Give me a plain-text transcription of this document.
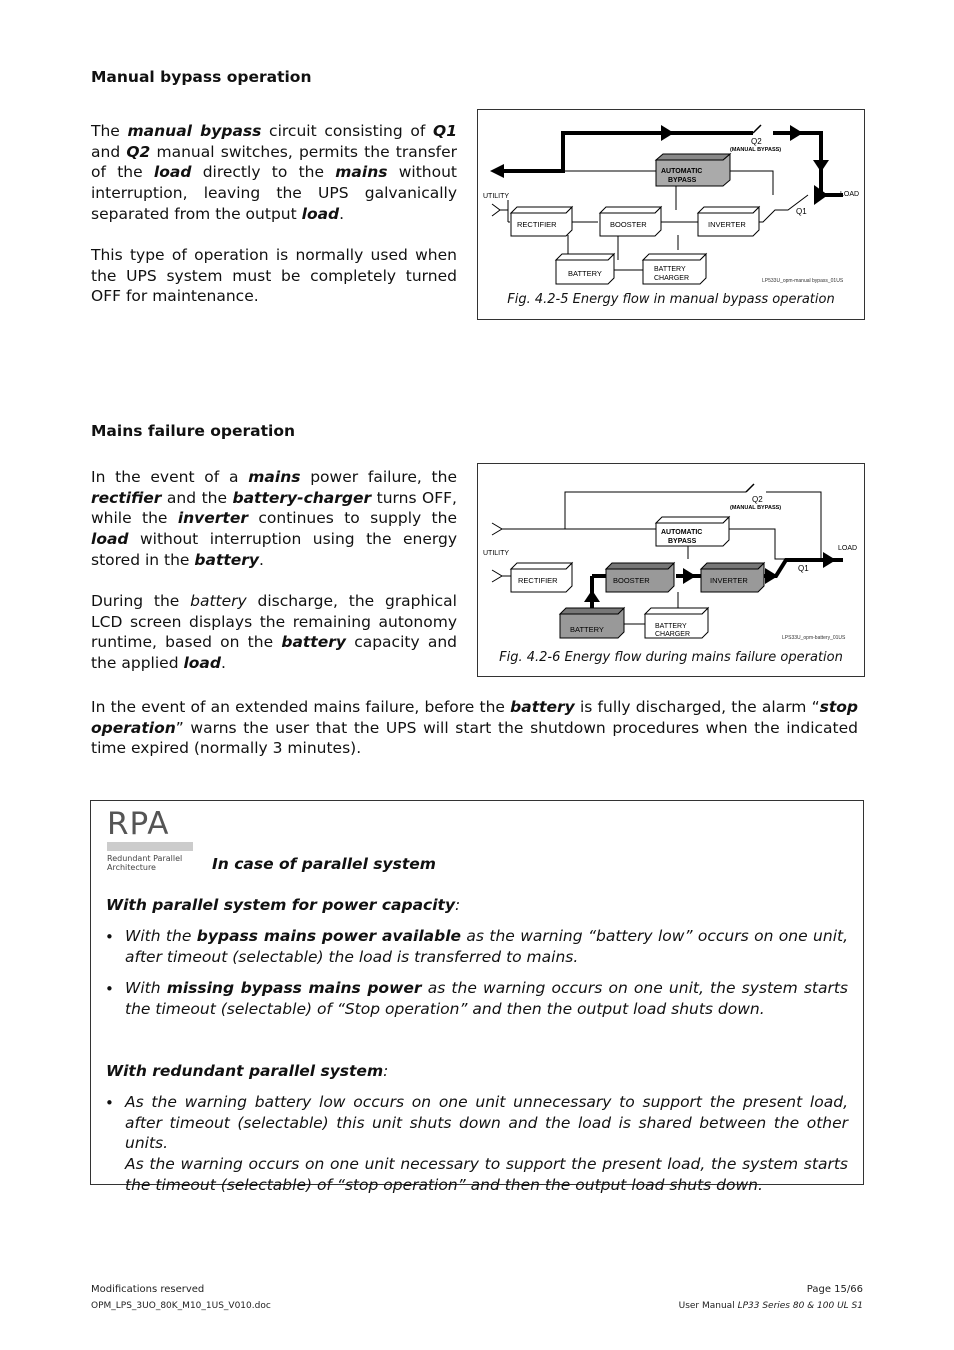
Manual bypass operation
The manual bypass circuit consisting of Q1 and Q2 manual switches, permits the transfer of the load directly to the mains without interruption, leaving the UPS galvanically separated from the output load.
This type of operation is normally used when the UPS system must be completely turned OFF for maintenance.
Q2
(MANUAL BYPASS)
AUTOMATIC
BYPASS
RECTIFIER	BOOSTER	INVERTER
BATTERY	BATTERY
CHARGER
UTILITY	LOAD
Q1
LP533U_opm-manual bypass_01US
Fig. 4.2-5 Energy flow in manual bypass operation
Mains failure operation
In the event of a mains power failure, the rectifier and the battery-charger turns OFF, while the inverter continues to supply the load without interruption using the energy stored in the battery.
During the battery discharge, the graphical LCD screen displays the remaining autonomy runtime, based on the battery capacity and the applied load.
Q2
(MANUAL BYPASS)
AUTOMATIC
BYPASS
RECTIFIER	BOOSTER	INVERTER
BATTERY	BATTERY
CHARGER
UTILITY
LOAD
Q1
LPS33U_opm-battery_01US
Fig. 4.2-6 Energy flow during mains failure operation
In the event of an extended mains failure, before the battery is fully discharged, the alarm “stop operation” warns the user that the UPS will start the shutdown procedures when the indicated time expired (normally 3 minutes).
RPA
Redundant Parallel
Architecture	In case of parallel system
With parallel system for power capacity:
• With the bypass mains power available as the warning “battery low” occurs on one unit, after timeout (selectable) the load is transferred to mains.
• With missing bypass mains power as the warning occurs on one unit, the system starts the timeout (selectable) of “Stop operation” and then the output load shuts down.
With redundant parallel system:
• As the warning battery low occurs on one unit unnecessary to support the present load, after timeout (selectable) this unit shuts down and the load is shared between the other units.
As the warning occurs on one unit necessary to support the present load, the system starts the timeout (selectable) of “stop operation” and then the output load shuts down.
Modifications reserved
OPM_LPS_3UO_80K_M10_1US_V010.doc
Page 15/66
User Manual LP33 Series 80 & 100 UL S1
